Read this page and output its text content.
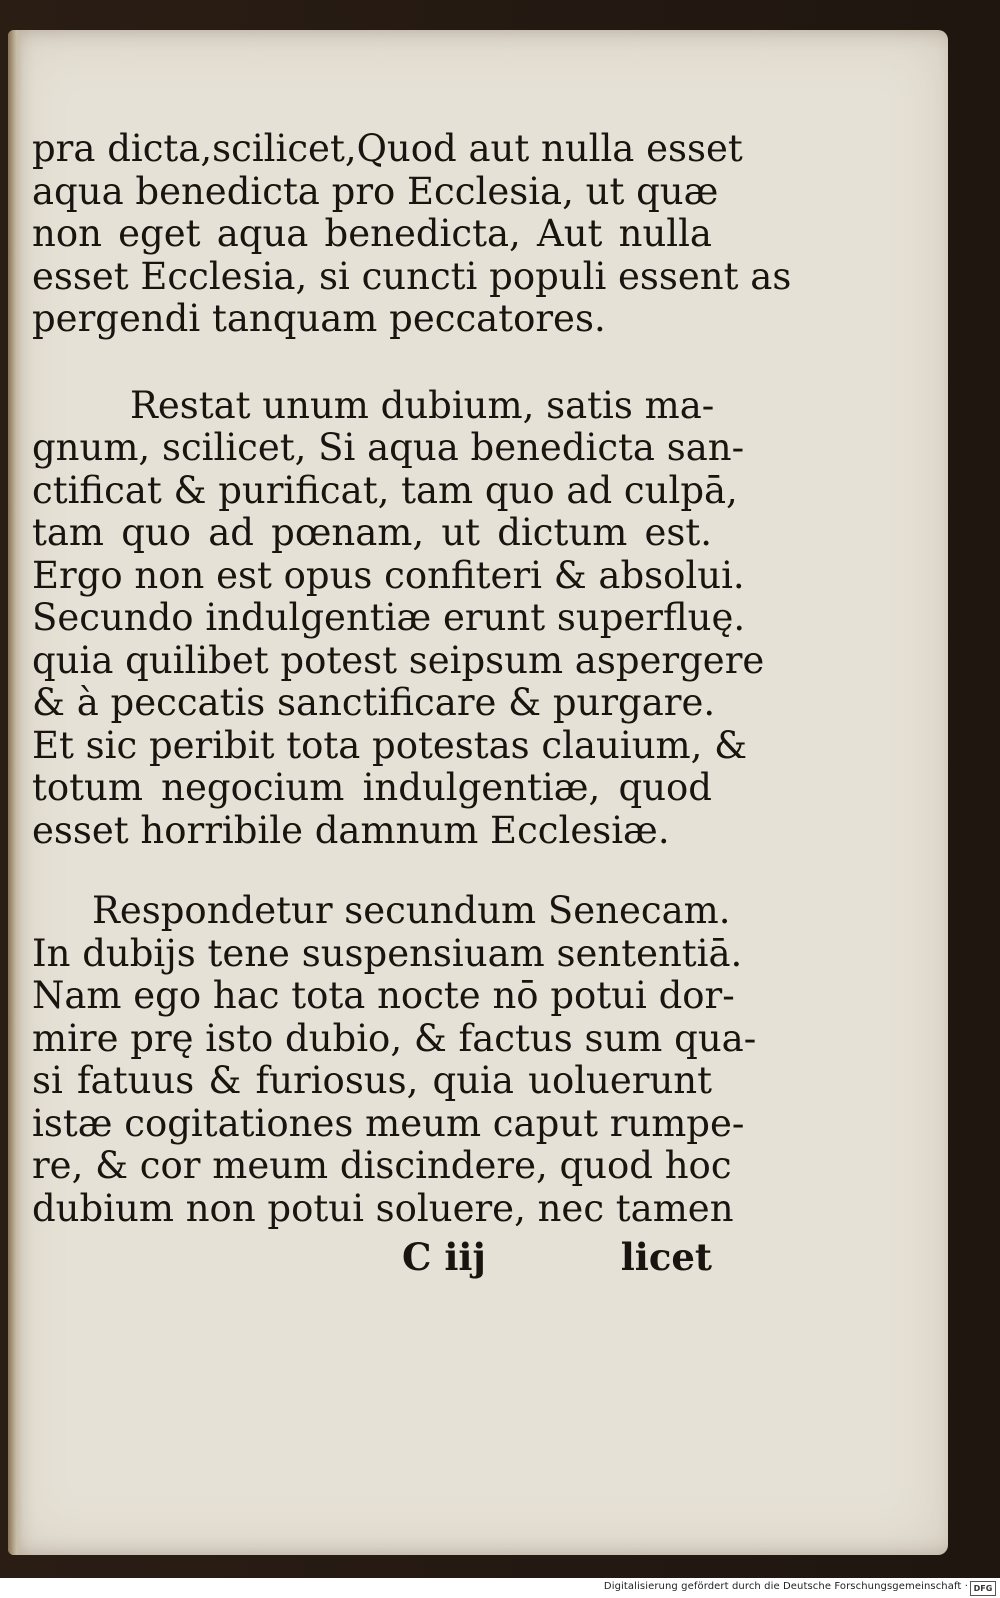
pra dicta,scilicet,Quod aut nulla esset
aqua benedicta pro Ecclesia, ut quæ
non eget aqua benedicta, Aut nulla
esset Ecclesia, si cuncti populi essent as
pergendi tanquam peccatores.
Restat unum dubium, satis ma-
gnum, scilicet, Si aqua benedicta san-
ctificat & purificat, tam quo ad culpā,
tam quo ad pœnam, ut dictum est.
Ergo non est opus confiteri & absolui.
Secundo indulgentiæ erunt superfluę.
quia quilibet potest seipsum aspergere
& à peccatis sanctificare & purgare.
Et sic peribit tota potestas clauium, &
totum negocium indulgentiæ, quod
esset horribile damnum Ecclesiæ.
Respondetur secundum Senecam.
In dubijs tene suspensiuam sententiā.
Nam ego hac tota nocte nō potui dor-
mire prę isto dubio, & factus sum qua-
si fatuus & furiosus, quia uoluerunt
istæ cogitationes meum caput rumpe-
re, & cor meum discindere, quod hoc
dubium non potui soluere, nec tamen
C iij	licet
Digitalisierung gefördert durch die Deutsche Forschungsgemeinschaft · DFG
